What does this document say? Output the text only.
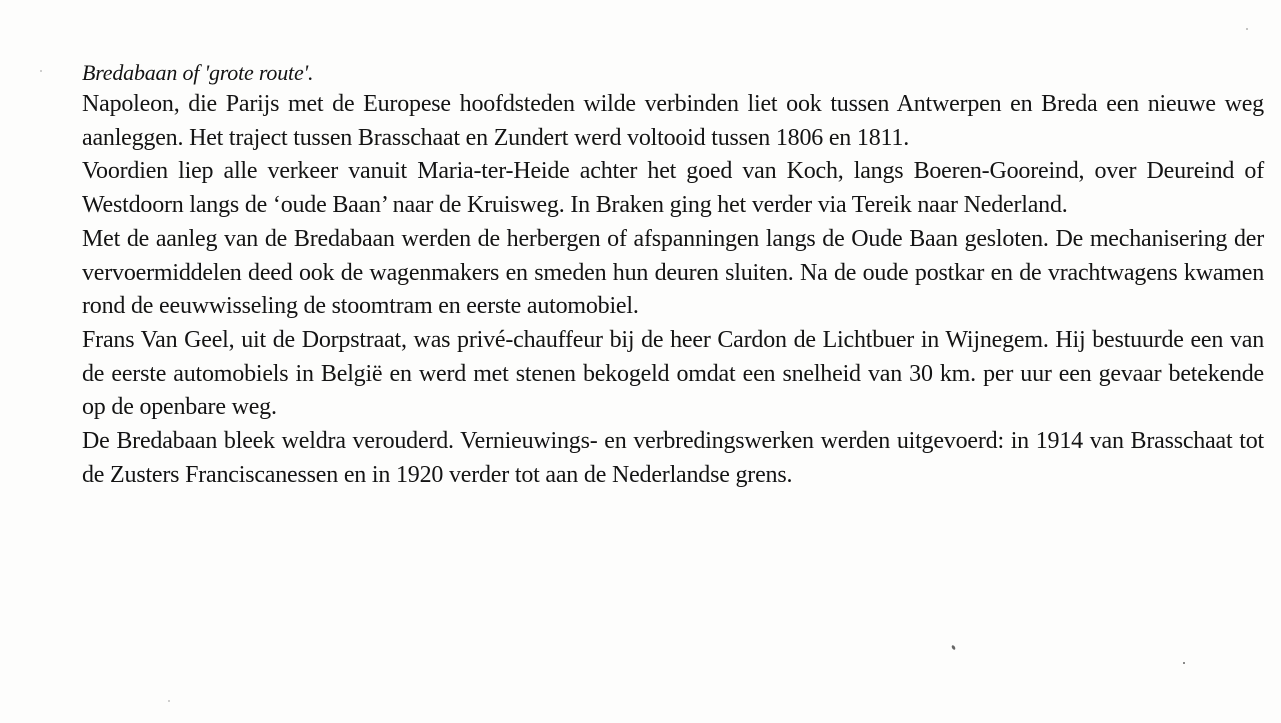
Bredabaan of 'grote route'.

Napoleon, die Parijs met de Europese hoofdsteden wilde verbinden liet ook tussen Antwerpen en Breda een nieuwe weg aanleggen. Het traject tussen Brasschaat en Zundert werd voltooid tussen 1806 en 1811.

Voordien liep alle verkeer vanuit Maria-ter-Heide achter het goed van Koch, langs Boeren-Gooreind, over Deureind of Westdoorn langs de ‘oude Baan’ naar de Kruisweg. In Braken ging het verder via Tereik naar Nederland.

Met de aanleg van de Bredabaan werden de herbergen of afspanningen langs de Oude Baan gesloten. De mechanisering der vervoermiddelen deed ook de wagenmakers en smeden hun deuren sluiten. Na de oude postkar en de vrachtwagens kwamen rond de eeuwwisseling de stoomtram en eerste automobiel.

Frans Van Geel, uit de Dorpstraat, was privé-chauffeur bij de heer Cardon de Lichtbuer in Wijnegem. Hij bestuurde een van de eerste automobiels in België en werd met stenen bekogeld omdat een snelheid van 30 km. per uur een gevaar betekende op de openbare weg.

De Bredabaan bleek weldra verouderd. Vernieuwings- en verbredingswerken werden uitgevoerd: in 1914 van Brasschaat tot de Zusters Franciscanessen en in 1920 verder tot aan de Nederlandse grens.
